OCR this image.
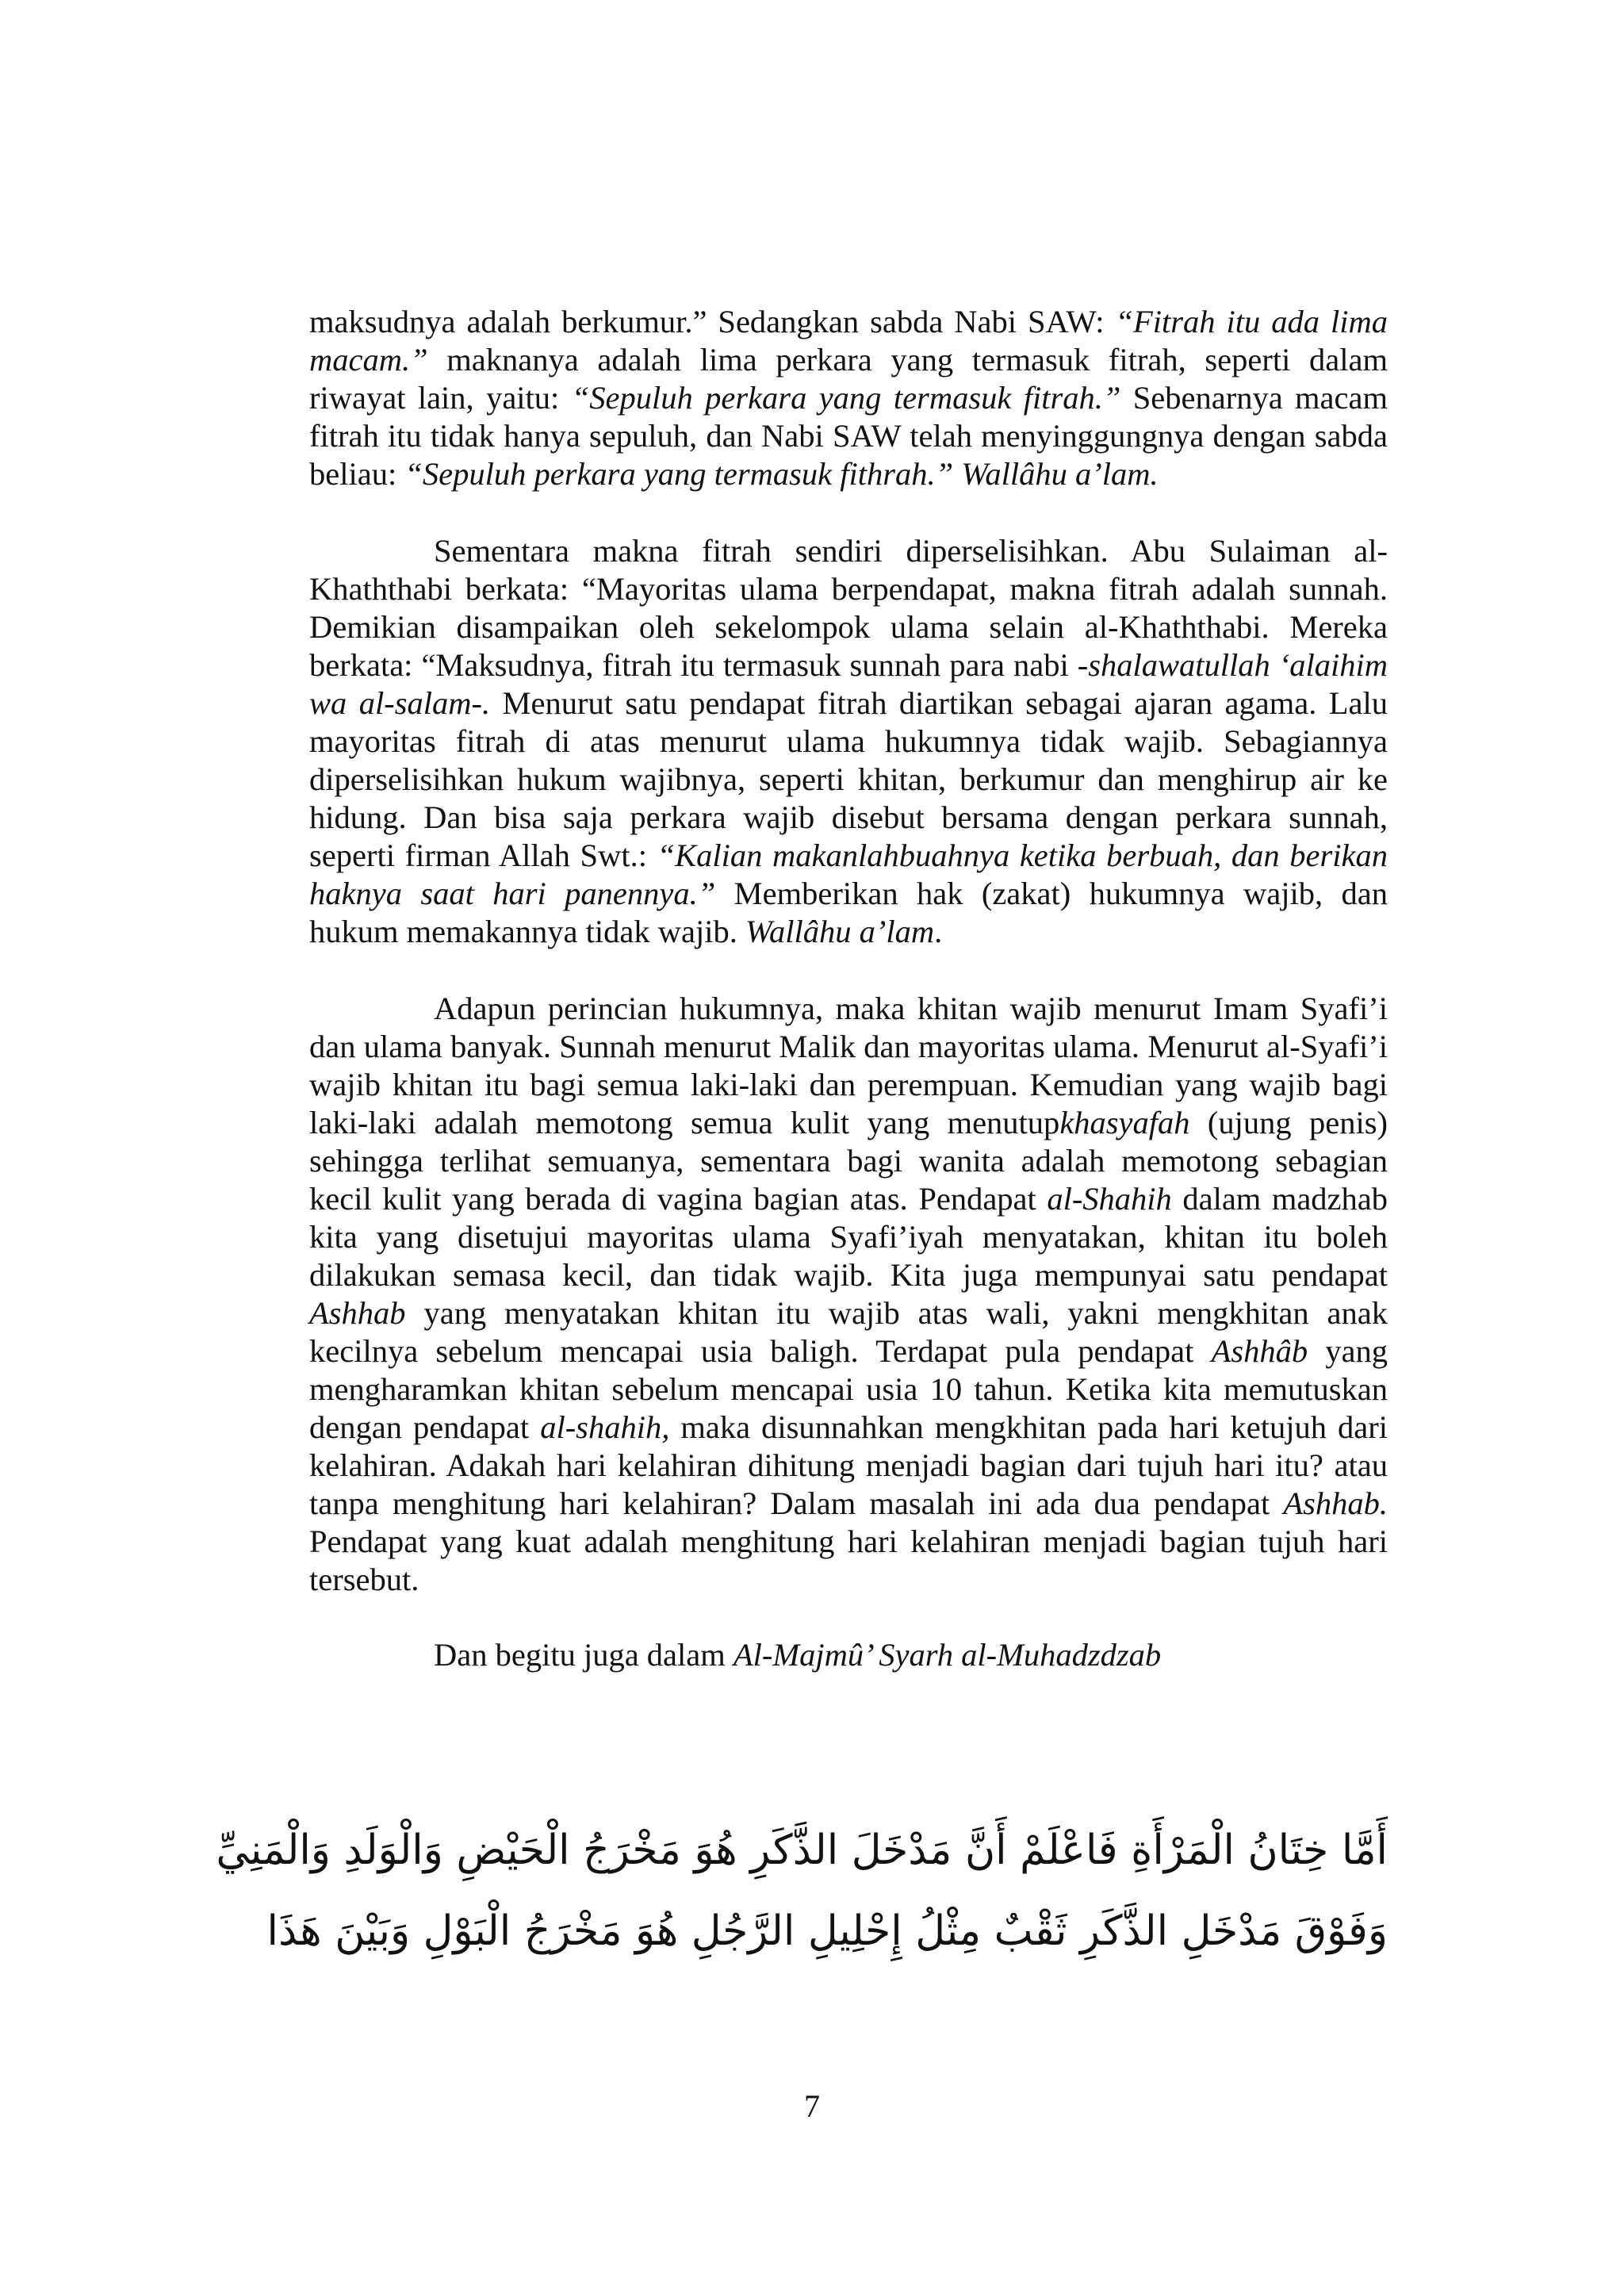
maksudnya adalah berkumur.” Sedangkan sabda Nabi SAW: “Fitrah itu ada lima macam.” maknanya adalah lima perkara yang termasuk fitrah, seperti dalam riwayat lain, yaitu: “Sepuluh perkara yang termasuk fitrah.” Sebenarnya macam fitrah itu tidak hanya sepuluh, dan Nabi SAW telah menyinggungnya dengan sabda beliau: “Sepuluh perkara yang termasuk fithrah.” Wallâhu a’lam.

Sementara makna fitrah sendiri diperselisihkan. Abu Sulaiman al-Khaththabi berkata: “Mayoritas ulama berpendapat, makna fitrah adalah sunnah. Demikian disampaikan oleh sekelompok ulama selain al-Khaththabi. Mereka berkata: “Maksudnya, fitrah itu termasuk sunnah para nabi -shalawatullah ‘alaihim wa al-salam-. Menurut satu pendapat fitrah diartikan sebagai ajaran agama. Lalu mayoritas fitrah di atas menurut ulama hukumnya tidak wajib. Sebagiannya diperselisihkan hukum wajibnya, seperti khitan, berkumur dan menghirup air ke hidung. Dan bisa saja perkara wajib disebut bersama dengan perkara sunnah, seperti firman Allah Swt.: “Kalian makanlahbuahnya ketika berbuah, dan berikan haknya saat hari panennya.” Memberikan hak (zakat) hukumnya wajib, dan hukum memakannya tidak wajib. Wallâhu a’lam.

Adapun perincian hukumnya, maka khitan wajib menurut Imam Syafi’i dan ulama banyak. Sunnah menurut Malik dan mayoritas ulama. Menurut al-Syafi’i wajib khitan itu bagi semua laki-laki dan perempuan. Kemudian yang wajib bagi laki-laki adalah memotong semua kulit yang menutupkhasyafah (ujung penis) sehingga terlihat semuanya, sementara bagi wanita adalah memotong sebagian kecil kulit yang berada di vagina bagian atas. Pendapat al-Shahih dalam madzhab kita yang disetujui mayoritas ulama Syafi’iyah menyatakan, khitan itu boleh dilakukan semasa kecil, dan tidak wajib. Kita juga mempunyai satu pendapat Ashhab yang menyatakan khitan itu wajib atas wali, yakni mengkhitan anak kecilnya sebelum mencapai usia baligh. Terdapat pula pendapat Ashhâb yang mengharamkan khitan sebelum mencapai usia 10 tahun. Ketika kita memutuskan dengan pendapat al-shahih, maka disunnahkan mengkhitan pada hari ketujuh dari kelahiran. Adakah hari kelahiran dihitung menjadi bagian dari tujuh hari itu? atau tanpa menghitung hari kelahiran? Dalam masalah ini ada dua pendapat Ashhab. Pendapat yang kuat adalah menghitung hari kelahiran menjadi bagian tujuh hari tersebut.

Dan begitu juga dalam Al-Majmû’ Syarh al-Muhadzdzab

أَمَّا خِتَانُ الْمَرْأَةِ فَاعْلَمْ أَنَّ مَدْخَلَ الذَّكَرِ هُوَ مَخْرَجُ الْحَيْضِ وَالْوَلَدِ وَالْمَنِيِّ
وَفَوْقَ مَدْخَلِ الذَّكَرِ ثَقْبٌ مِثْلُ إِحْلِيلِ الرَّجُلِ هُوَ مَخْرَجُ الْبَوْلِ وَبَيْنَ هَذَا
7
